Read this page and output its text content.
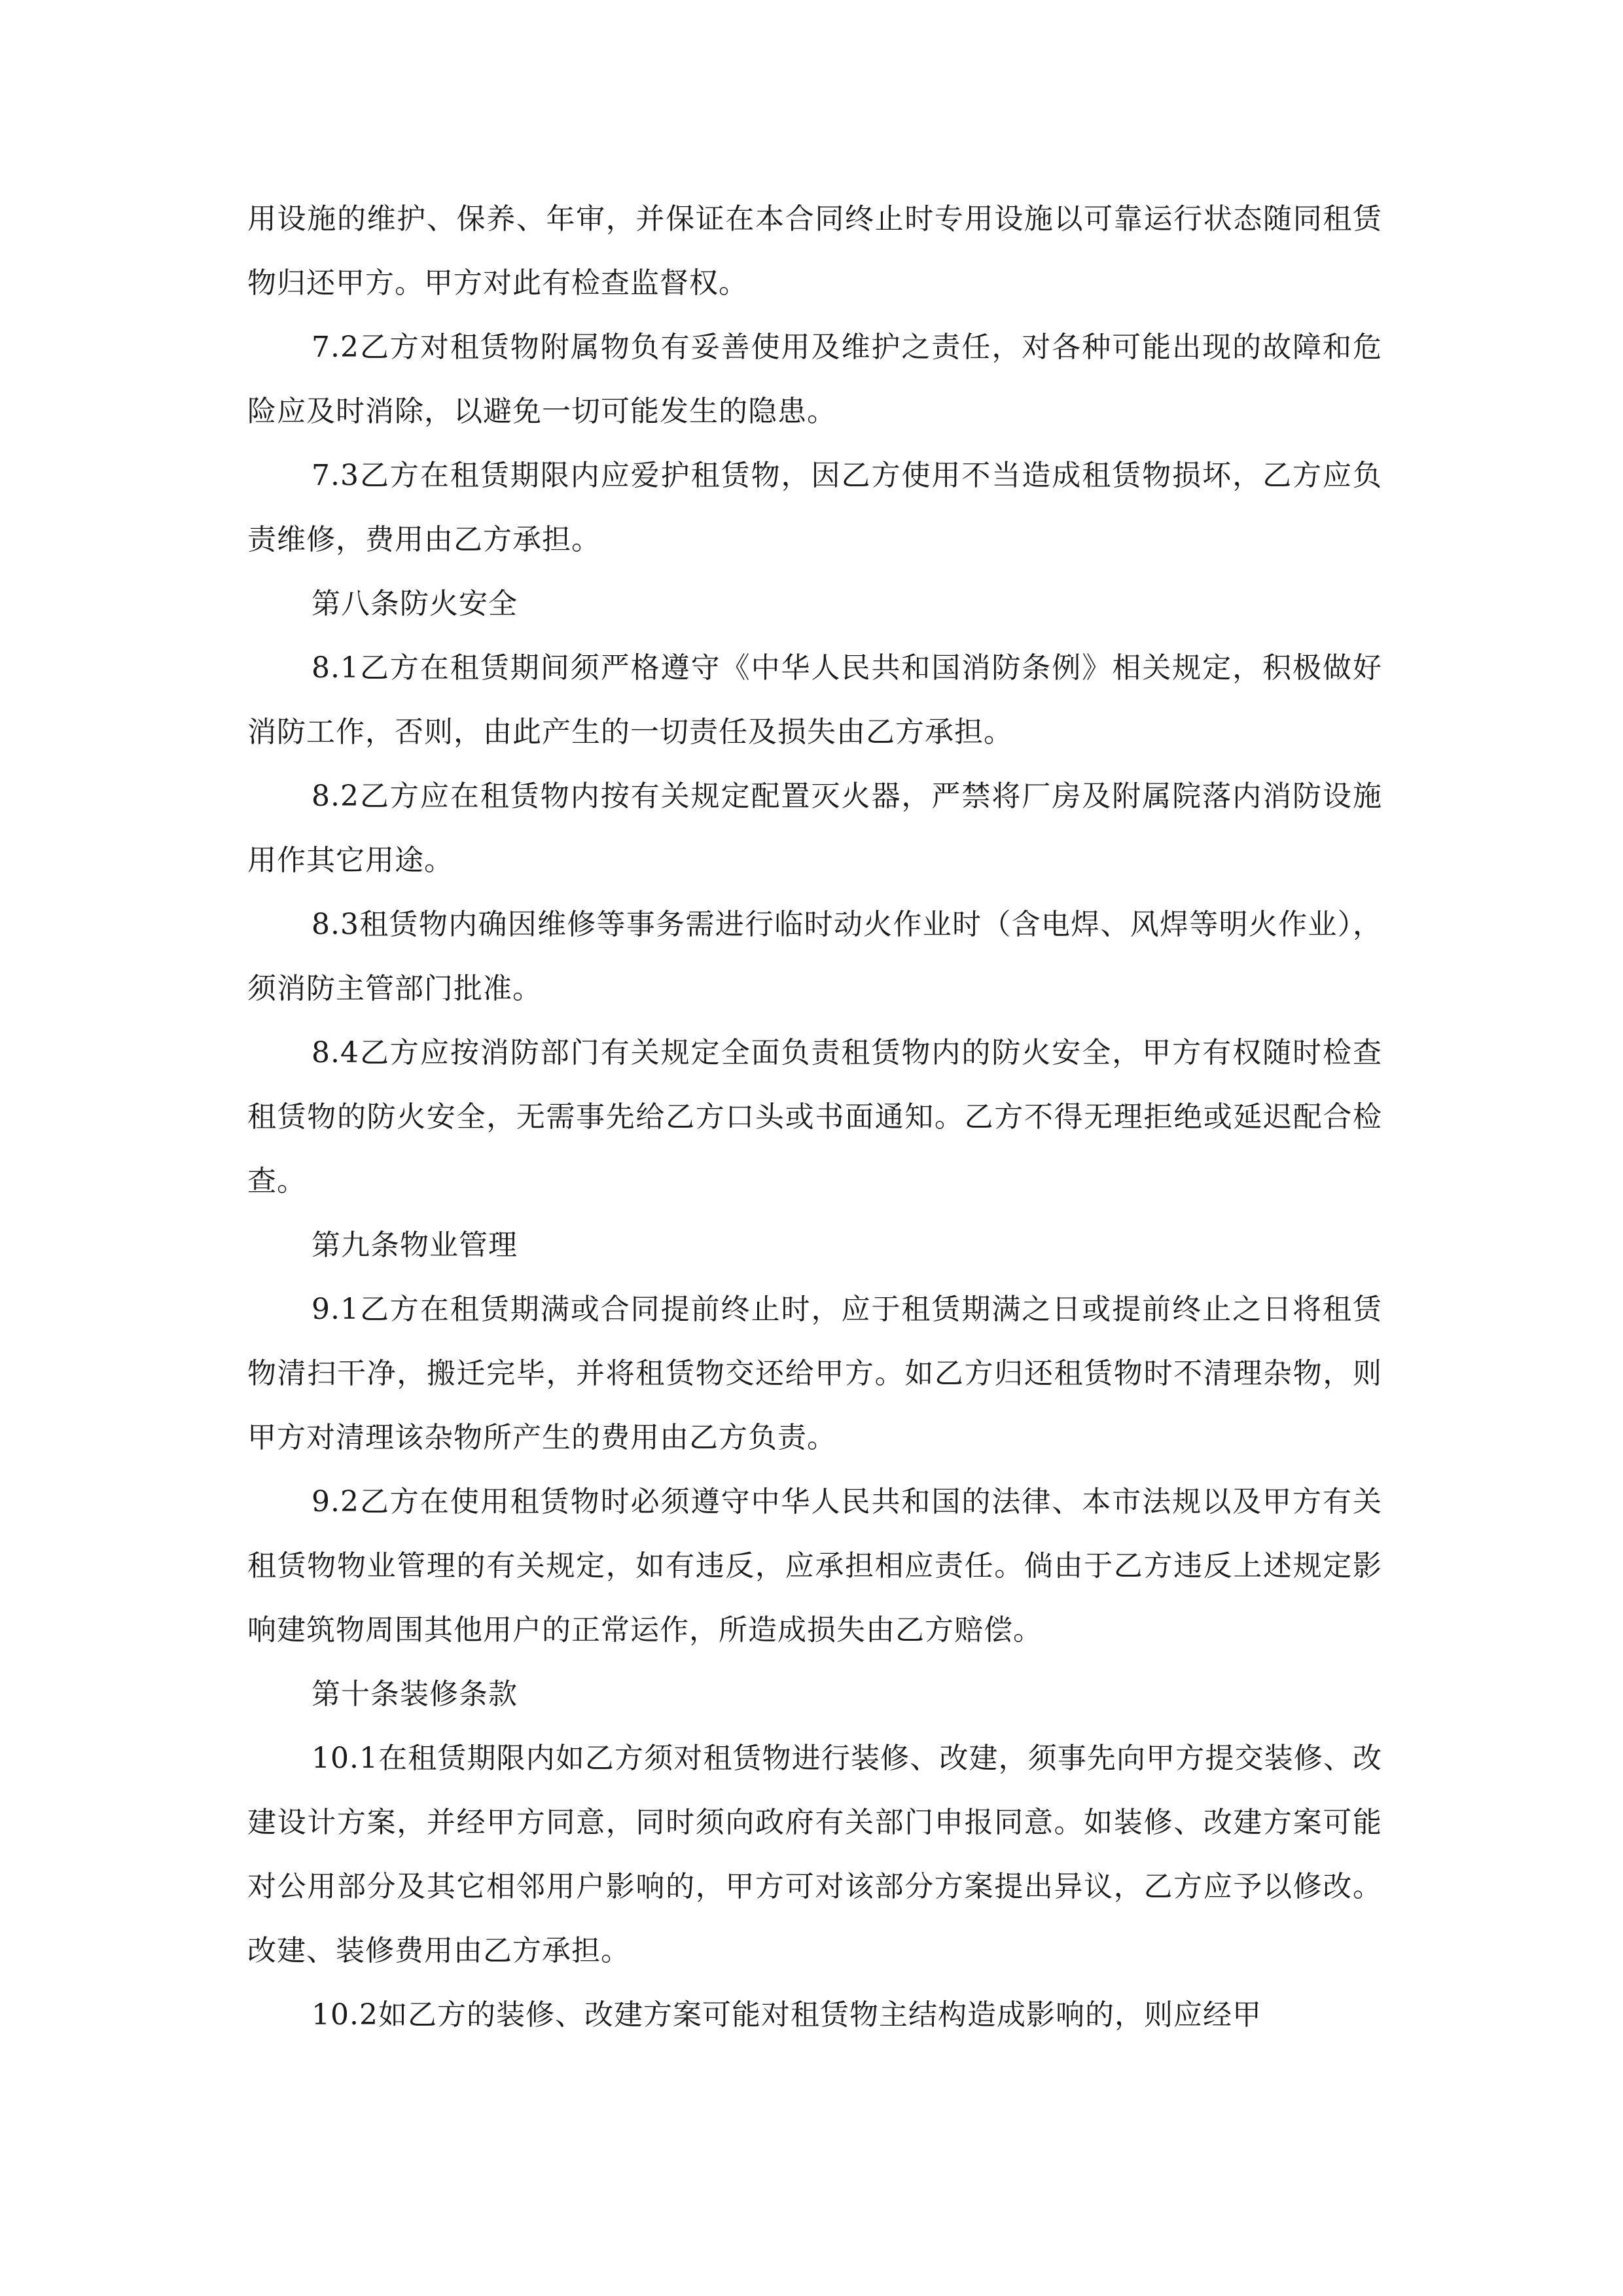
用设施的维护、保养、年审，并保证在本合同终止时专用设施以可靠运行状态随同租赁物归还甲方。甲方对此有检查监督权。

7.2乙方对租赁物附属物负有妥善使用及维护之责任，对各种可能出现的故障和危险应及时消除，以避免一切可能发生的隐患。

7.3乙方在租赁期限内应爱护租赁物，因乙方使用不当造成租赁物损坏，乙方应负责维修，费用由乙方承担。

第八条防火安全

8.1乙方在租赁期间须严格遵守《中华人民共和国消防条例》相关规定，积极做好消防工作，否则，由此产生的一切责任及损失由乙方承担。

8.2乙方应在租赁物内按有关规定配置灭火器，严禁将厂房及附属院落内消防设施用作其它用途。

8.3租赁物内确因维修等事务需进行临时动火作业时（含电焊、风焊等明火作业），须消防主管部门批准。

8.4乙方应按消防部门有关规定全面负责租赁物内的防火安全，甲方有权随时检查租赁物的防火安全，无需事先给乙方口头或书面通知。乙方不得无理拒绝或延迟配合检查。

第九条物业管理

9.1乙方在租赁期满或合同提前终止时，应于租赁期满之日或提前终止之日将租赁物清扫干净，搬迁完毕，并将租赁物交还给甲方。如乙方归还租赁物时不清理杂物，则甲方对清理该杂物所产生的费用由乙方负责。

9.2乙方在使用租赁物时必须遵守中华人民共和国的法律、本市法规以及甲方有关租赁物物业管理的有关规定，如有违反，应承担相应责任。倘由于乙方违反上述规定影响建筑物周围其他用户的正常运作，所造成损失由乙方赔偿。

第十条装修条款

10.1在租赁期限内如乙方须对租赁物进行装修、改建，须事先向甲方提交装修、改建设计方案，并经甲方同意，同时须向政府有关部门申报同意。如装修、改建方案可能对公用部分及其它相邻用户影响的，甲方可对该部分方案提出异议，乙方应予以修改。改建、装修费用由乙方承担。

10.2如乙方的装修、改建方案可能对租赁物主结构造成影响的，则应经甲
